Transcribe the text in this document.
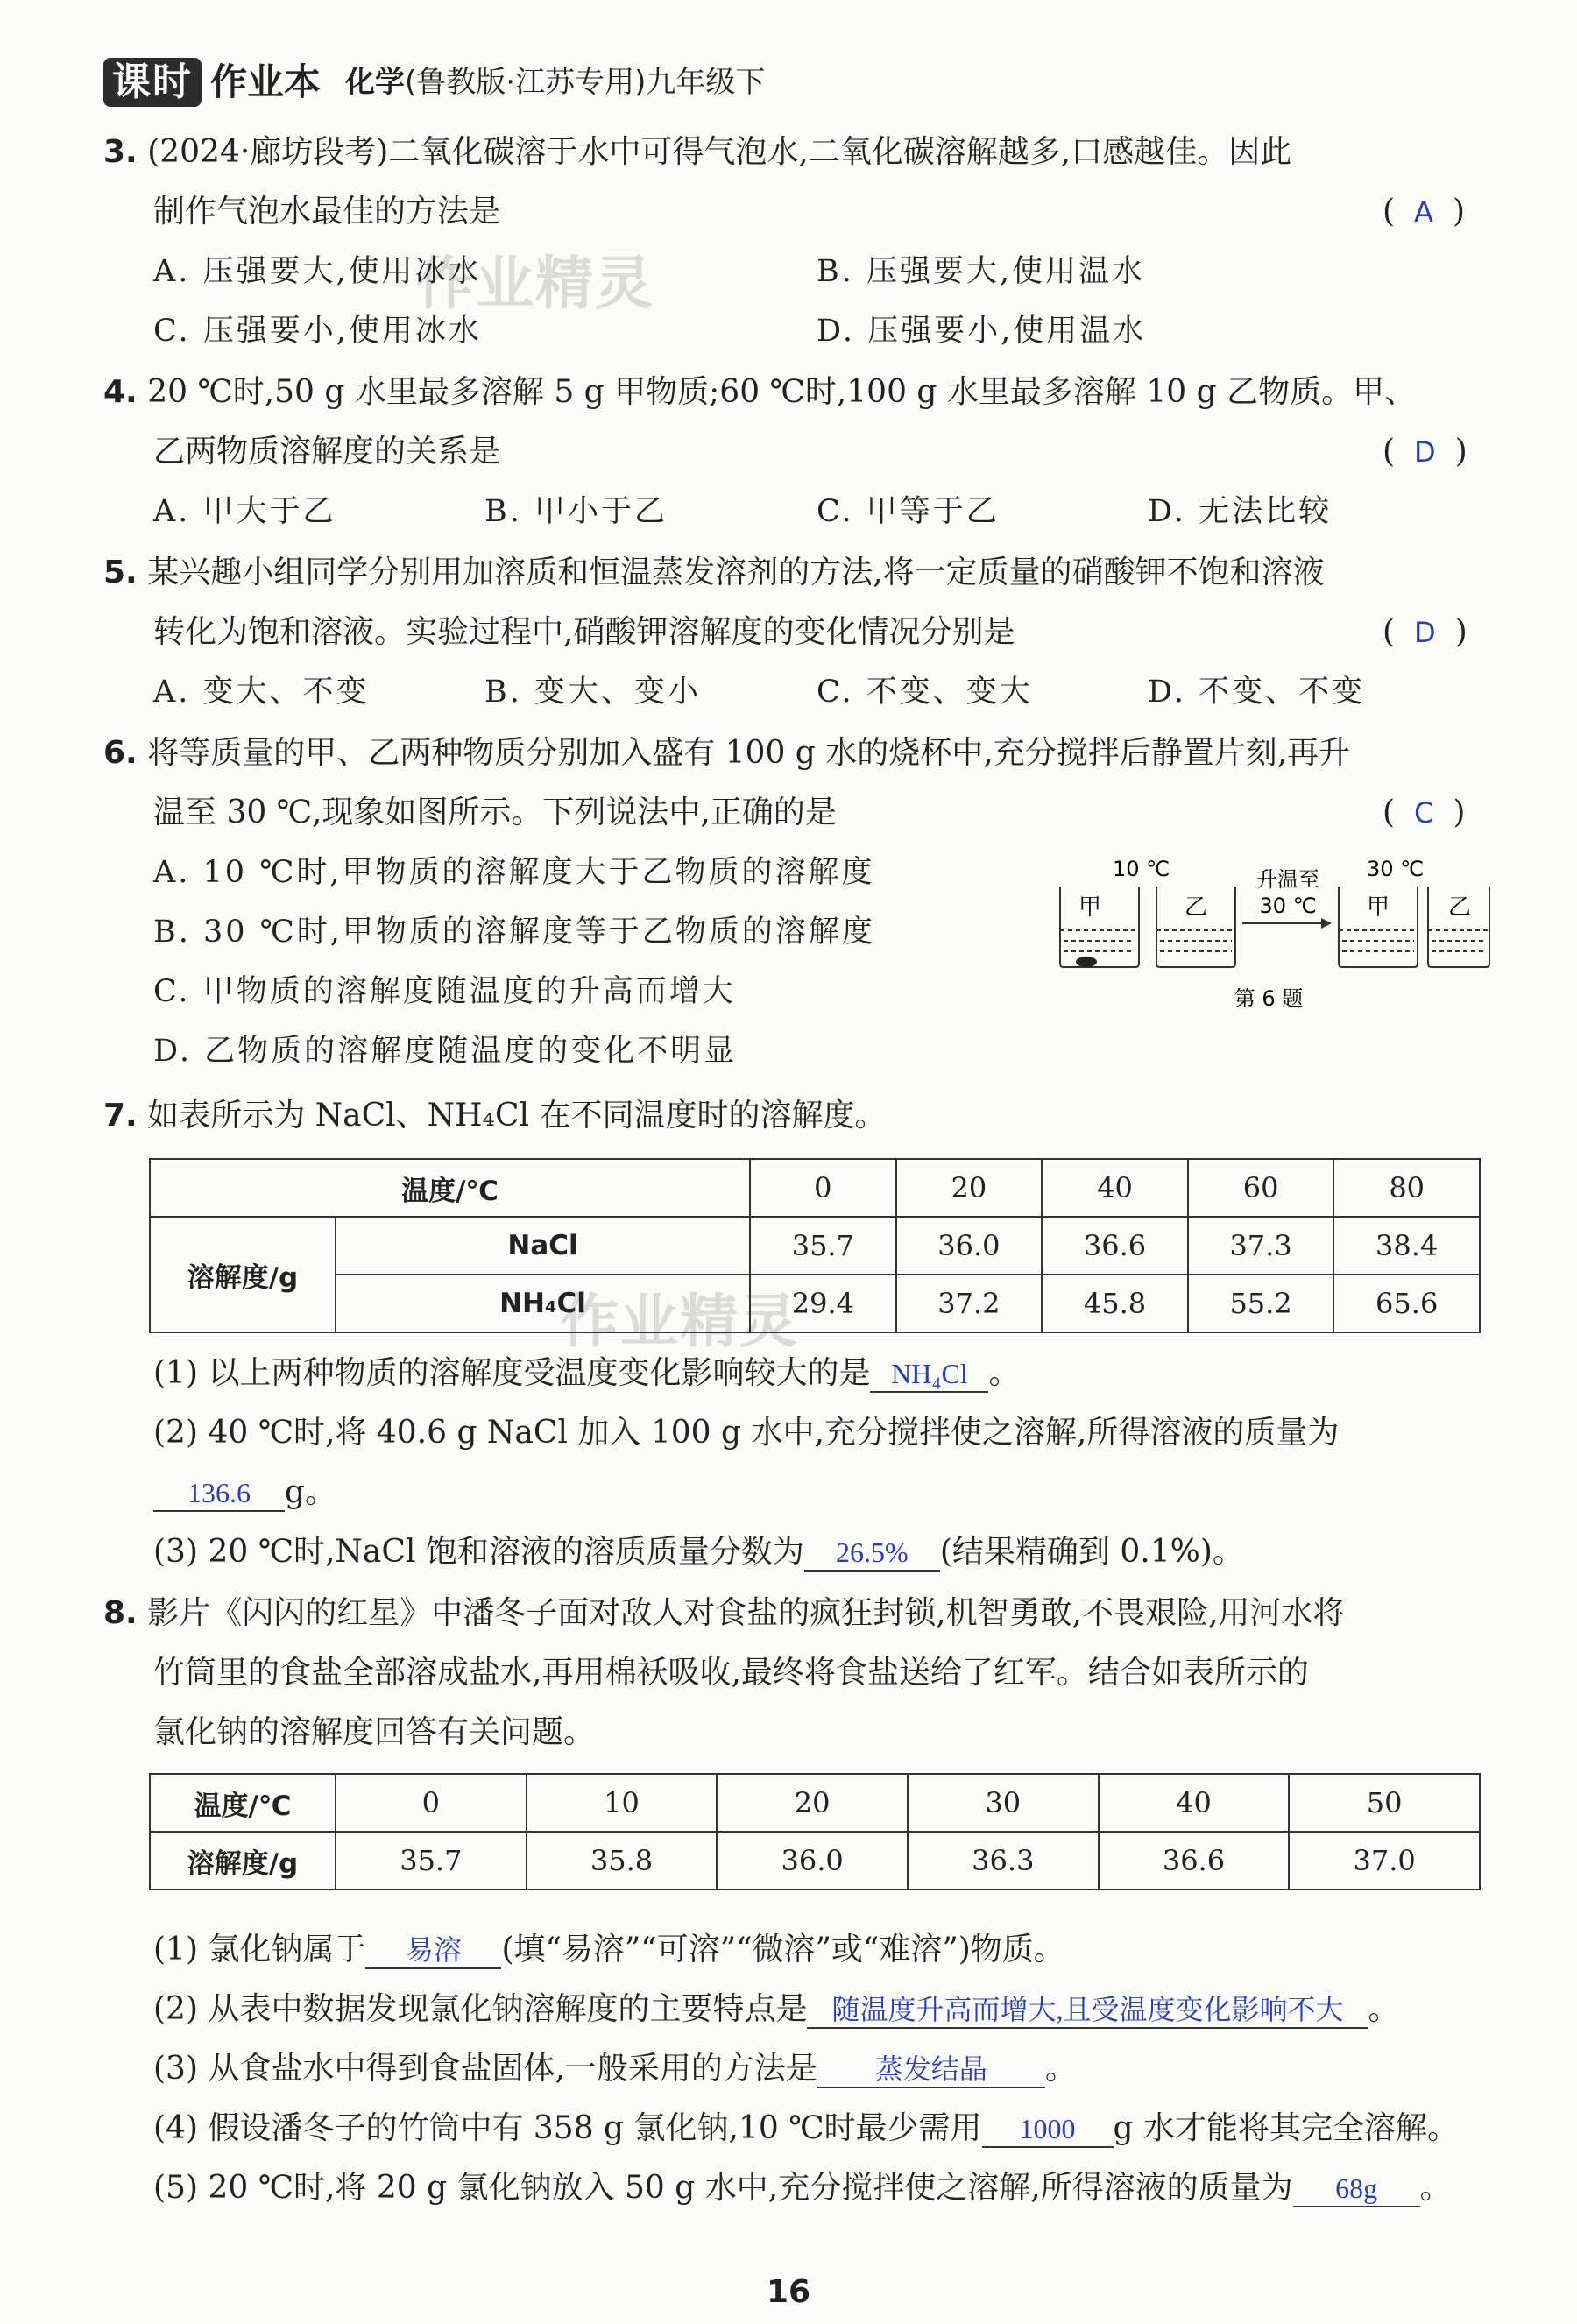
课时 作业本 化学(鲁教版·江苏专用)九年级下
作业精灵
作业精灵
3. (2024·廊坊段考)二氧化碳溶于水中可得气泡水,二氧化碳溶解越多,口感越佳。因此
制作气泡水最佳的方法是	( A )
A. 压强要大,使用冰水	B. 压强要大,使用温水
C. 压强要小,使用冰水	D. 压强要小,使用温水
4. 20 ℃时,50 g 水里最多溶解 5 g 甲物质;60 ℃时,100 g 水里最多溶解 10 g 乙物质。甲、
乙两物质溶解度的关系是	( D )
A. 甲大于乙	B. 甲小于乙	C. 甲等于乙	D. 无法比较
5. 某兴趣小组同学分别用加溶质和恒温蒸发溶剂的方法,将一定质量的硝酸钾不饱和溶液
转化为饱和溶液。实验过程中,硝酸钾溶解度的变化情况分别是	( D )
A. 变大、不变	B. 变大、变小	C. 不变、变大	D. 不变、不变
6. 将等质量的甲、乙两种物质分别加入盛有 100 g 水的烧杯中,充分搅拌后静置片刻,再升
温至 30 ℃,现象如图所示。下列说法中,正确的是	( C )
A. 10 ℃时,甲物质的溶解度大于乙物质的溶解度
B. 30 ℃时,甲物质的溶解度等于乙物质的溶解度
C. 甲物质的溶解度随温度的升高而增大
D. 乙物质的溶解度随温度的变化不明显
10 ℃	30 ℃
甲	乙
升温至
30 ℃ 甲	乙
第 6 题
7. 如表所示为 NaCl、NH₄Cl 在不同温度时的溶解度。
温度/℃		0	20	40	60	80
溶解度/g	NaCl	35.7	36.0	36.6	37.3	38.4
	NH₄Cl	29.4	37.2	45.8	55.2	65.6
(1) 以上两种物质的溶解度受温度变化影响较大的是 NH₄Cl 。
(2) 40 ℃时,将 40.6 g NaCl 加入 100 g 水中,充分搅拌使之溶解,所得溶液的质量为
136.6 g。
(3) 20 ℃时,NaCl 饱和溶液的溶质质量分数为 26.5% (结果精确到 0.1%)。
8. 影片《闪闪的红星》中潘冬子面对敌人对食盐的疯狂封锁,机智勇敢,不畏艰险,用河水将
竹筒里的食盐全部溶成盐水,再用棉袄吸收,最终将食盐送给了红军。结合如表所示的
氯化钠的溶解度回答有关问题。
温度/℃	0	10	20	30	40	50
溶解度/g	35.7	35.8	36.0	36.3	36.6	37.0
(1) 氯化钠属于 易溶 (填“易溶”“可溶”“微溶”或“难溶”)物质。
(2) 从表中数据发现氯化钠溶解度的主要特点是 随温度升高而增大,且受温度变化影响不大 。
(3) 从食盐水中得到食盐固体,一般采用的方法是 蒸发结晶 。
(4) 假设潘冬子的竹筒中有 358 g 氯化钠,10 ℃时最少需用 1000 g 水才能将其完全溶解。
(5) 20 ℃时,将 20 g 氯化钠放入 50 g 水中,充分搅拌使之溶解,所得溶液的质量为 68g 。
16
